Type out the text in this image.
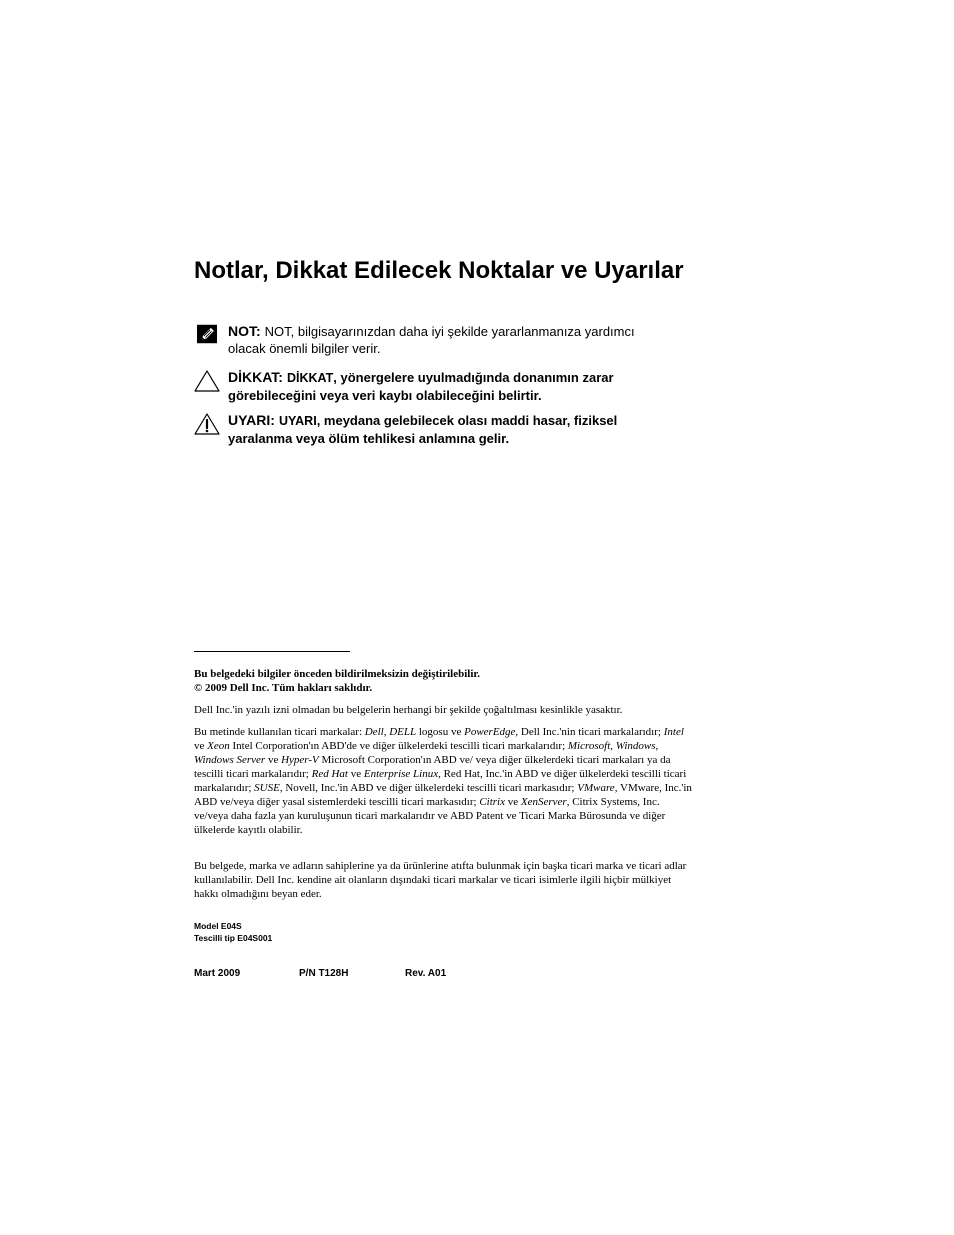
Notlar, Dikkat Edilecek Noktalar ve Uyarılar
NOT: NOT, bilgisayarınızdan daha iyi şekilde yararlanmanıza yardımcı
olacak önemli bilgiler verir.
DİKKAT: DİKKAT, yönergelere uyulmadığında donanımın zarar
görebileceğini veya veri kaybı olabileceğini belirtir.
UYARI: UYARI, meydana gelebilecek olası maddi hasar, fiziksel
yaralanma veya ölüm tehlikesi anlamına gelir.

Bu belgedeki bilgiler önceden bildirilmeksizin değiştirilebilir.

© 2009 Dell Inc. Tüm hakları saklıdır.

Dell Inc.'in yazılı izni olmadan bu belgelerin herhangi bir şekilde çoğaltılması kesinlikle yasaktır.

Bu metinde kullanılan ticari markalar: Dell, DELL logosu ve PowerEdge, Dell Inc.'nin ticari markalarıdır; Intel ve Xeon Intel Corporation'ın ABD'de ve diğer ülkelerdeki tescilli ticari markalarıdır; Microsoft, Windows, Windows Server ve Hyper-V Microsoft Corporation'ın ABD ve/ veya diğer ülkelerdeki ticari markaları ya da tescilli ticari markalarıdır; Red Hat ve Enterprise Linux, Red Hat, Inc.'in ABD ve diğer ülkelerdeki tescilli ticari markalarıdır; SUSE, Novell, Inc.'in ABD ve diğer ülkelerdeki tescilli ticari markasıdır; VMware, VMware, Inc.'in ABD ve/veya diğer yasal sistemlerdeki tescilli ticari markasıdır; Citrix ve XenServer, Citrix Systems, Inc. ve/veya daha fazla yan kuruluşunun ticari markalarıdır ve ABD Patent ve Ticari Marka Bürosunda ve diğer ülkelerde kayıtlı olabilir.

Bu belgede, marka ve adların sahiplerine ya da ürünlerine atıfta bulunmak için başka ticari marka ve ticari adlar kullanılabilir. Dell Inc. kendine ait olanların dışındaki ticari markalar ve ticari isimlerle ilgili hiçbir mülkiyet hakkı olmadığını beyan eder.

Model E04S
Tescilli tip E04S001
Mart 2009	P/N T128H	Rev. A01
